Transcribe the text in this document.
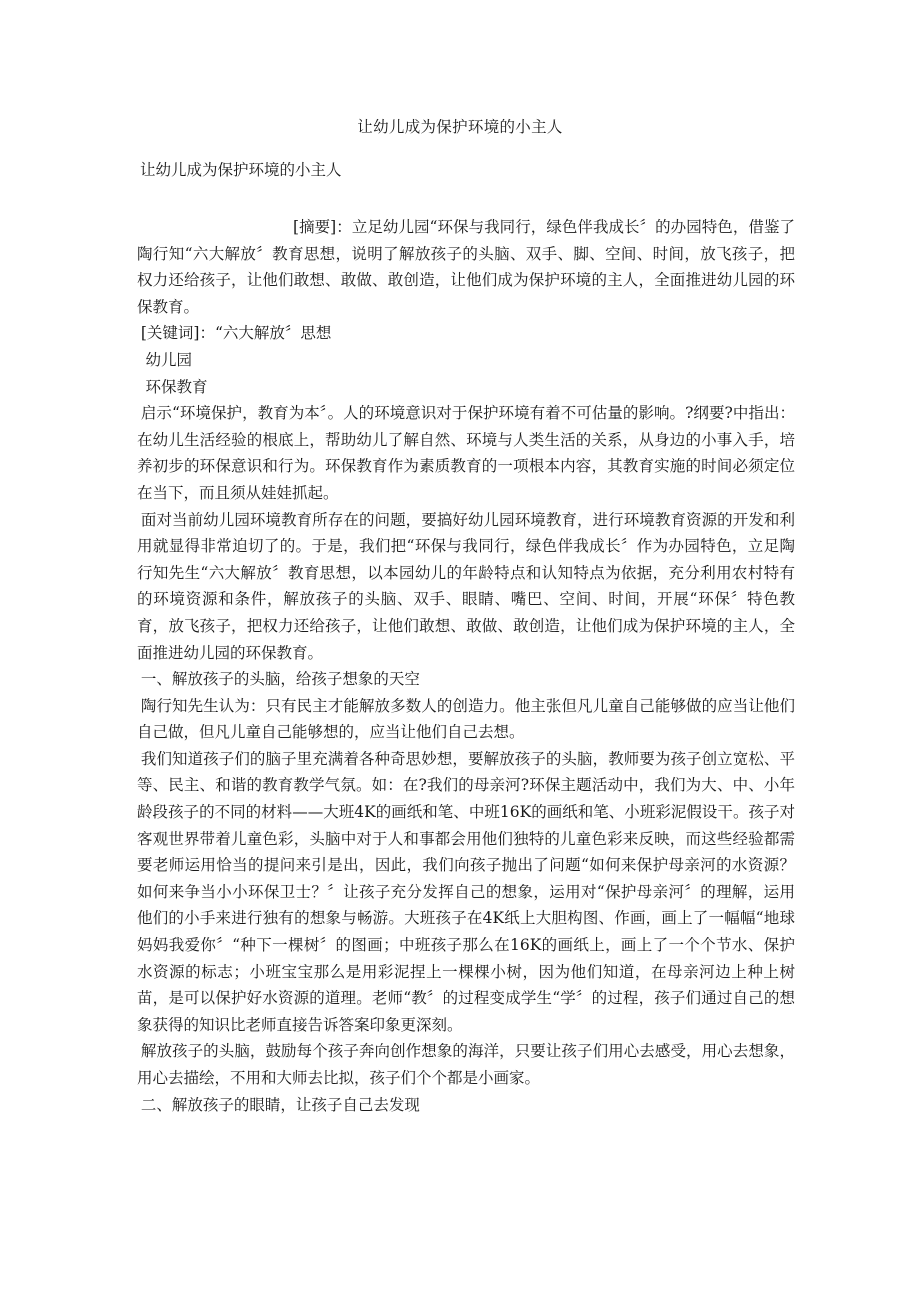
让幼儿成为保护环境的小主人
让幼儿成为保护环境的小主人

[摘要]：立足幼儿园“环保与我同行，绿色伴我成长〞的办园特色，借鉴了陶行知“六大解放〞教育思想，说明了解放孩子的头脑、双手、脚、空间、时间，放飞孩子，把权力还给孩子，让他们敢想、敢做、敢创造，让他们成为保护环境的主人，全面推进幼儿园的环保教育。

[关键词]：“六大解放〞思想

幼儿园

环保教育

启示“环境保护，教育为本〞。人的环境意识对于保护环境有着不可估量的影响。?纲要?中指出：在幼儿生活经验的根底上，帮助幼儿了解自然、环境与人类生活的关系，从身边的小事入手，培养初步的环保意识和行为。环保教育作为素质教育的一项根本内容，其教育实施的时间必须定位在当下，而且须从娃娃抓起。

面对当前幼儿园环境教育所存在的问题，要搞好幼儿园环境教育，进行环境教育资源的开发和利用就显得非常迫切了的。于是，我们把“环保与我同行，绿色伴我成长〞作为办园特色，立足陶行知先生“六大解放〞教育思想，以本园幼儿的年龄特点和认知特点为依据，充分利用农村特有的环境资源和条件，解放孩子的头脑、双手、眼睛、嘴巴、空间、时间，开展“环保〞特色教育，放飞孩子，把权力还给孩子，让他们敢想、敢做、敢创造，让他们成为保护环境的主人，全面推进幼儿园的环保教育。

一、解放孩子的头脑，给孩子想象的天空

陶行知先生认为：只有民主才能解放多数人的创造力。他主张但凡儿童自己能够做的应当让他们自己做，但凡儿童自己能够想的，应当让他们自己去想。

我们知道孩子们的脑子里充满着各种奇思妙想，要解放孩子的头脑，教师要为孩子创立宽松、平等、民主、和谐的教育教学气氛。如：在?我们的母亲河?环保主题活动中，我们为大、中、小年龄段孩子的不同的材料——大班4K的画纸和笔、中班16K的画纸和笔、小班彩泥假设干。孩子对客观世界带着儿童色彩，头脑中对于人和事都会用他们独特的儿童色彩来反映，而这些经验都需要老师运用恰当的提问来引是出，因此，我们向孩子抛出了问题“如何来保护母亲河的水资源？如何来争当小小环保卫士？〞让孩子充分发挥自己的想象，运用对“保护母亲河〞的理解，运用他们的小手来进行独有的想象与畅游。大班孩子在4K纸上大胆构图、作画，画上了一幅幅“地球妈妈我爱你〞“种下一棵树〞的图画；中班孩子那么在16K的画纸上，画上了一个个节水、保护水资源的标志；小班宝宝那么是用彩泥捏上一棵棵小树，因为他们知道，在母亲河边上种上树苗，是可以保护好水资源的道理。老师“教〞的过程变成学生“学〞的过程，孩子们通过自己的想象获得的知识比老师直接告诉答案印象更深刻。

解放孩子的头脑，鼓励每个孩子奔向创作想象的海洋，只要让孩子们用心去感受，用心去想象，用心去描绘，不用和大师去比拟，孩子们个个都是小画家。

二、解放孩子的眼睛，让孩子自己去发现
